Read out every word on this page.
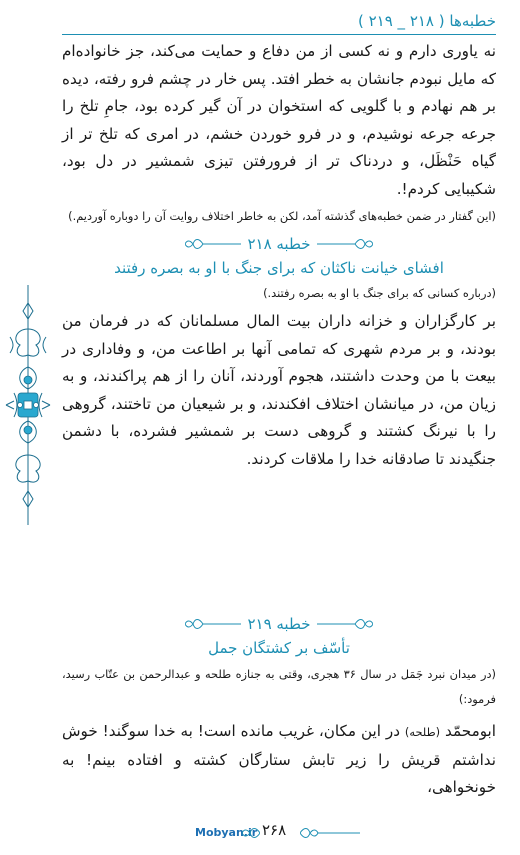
خطبه‌ها ( ۲۱۸ _ ۲۱۹ )

نه یاوری دارم و نه کسی از من دفاع و حمایت می‌کند، جز خانواده‌ام که مایل نبودم جانشان به خطر افتد. پس خار در چشم فرو رفته، دیده بر هم نهادم و با گلویی که استخوان در آن گیر کرده بود، جامِ تلخ را جرعه جرعه نوشیدم، و در فرو خوردن خشم، در امری که تلخ تر از گیاه حَنْظَل، و دردناک تر از فرورفتن تیزی شمشیر در دل بود، شکیبایی کردم!.

(این گفتار در ضمن خطبه‌های گذشته آمد، لکن به خاطر اختلاف روایت آن را دوباره آوردیم.)

خطبه ۲۱۸
افشای خیانت ناکثان که برای جنگ با او به بصره رفتند

(درباره کسانی که برای جنگ با او به بصره رفتند.)

بر کارگزاران و خزانه داران بیت المال مسلمانان که در فرمان من بودند، و بر مردم شهری که تمامی آنها بر اطاعت من، و وفاداری در بیعت با من وحدت داشتند، هجوم آوردند، آنان را از هم پراکندند، و به زیان من، در میانشان اختلاف افکندند، و بر شیعیان من تاختند، گروهی را با نیرنگ کشتند و گروهی دست بر شمشیر فشرده، با دشمن جنگیدند تا صادقانه خدا را ملاقات کردند.

خطبه ۲۱۹
تأسّف بر کشتگان جمل

(در میدان نبرد جَمَل در سال ۳۶ هجری، وقتی به جنازه طلحه و عبدالرحمن بن عتّاب رسید، فرمود:)

ابومحمّد (طلحه) در این مکان، غریب مانده است! به خدا سوگند! خوش نداشتم قریش را زیر تابش ستارگان کشته و افتاده بینم! به خونخواهی،

Mobyan.ir ۲۶۸
